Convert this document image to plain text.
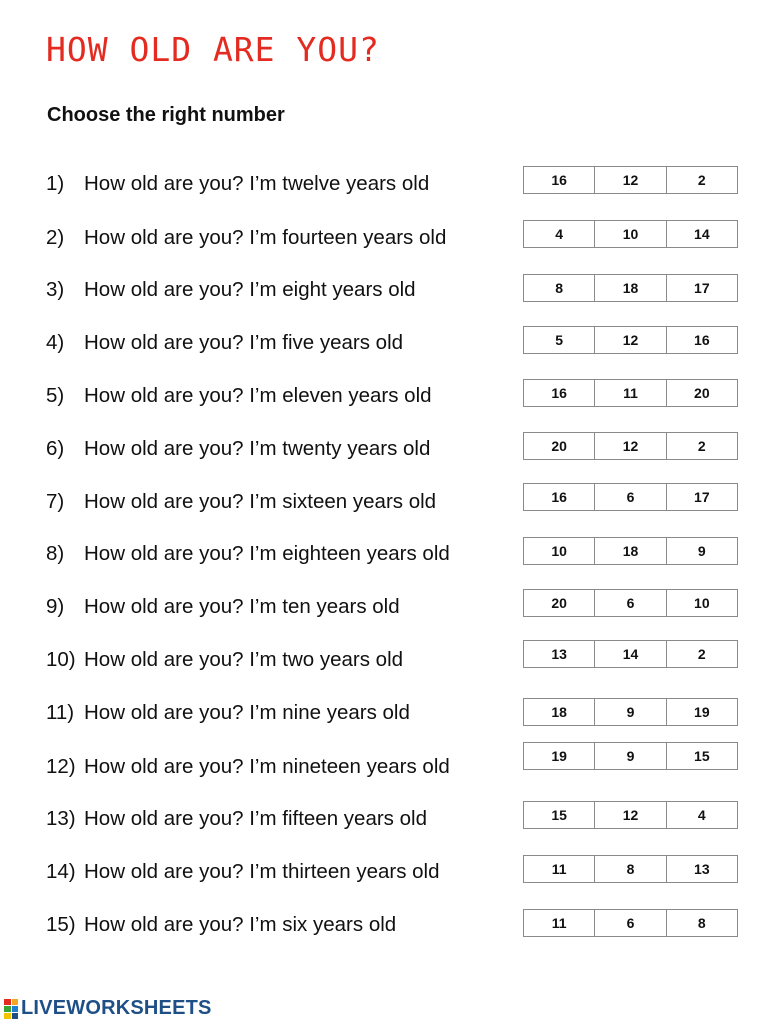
HOW OLD ARE YOU?
Choose the right number
1) How old are you? I’m twelve years old	16	12	2
2) How old are you? I’m fourteen years old	4	10	14
3) How old are you? I’m eight years old	8	18	17
4) How old are you? I’m five years old	5	12	16
5) How old are you? I’m eleven years old	16	11	20
6) How old are you? I’m twenty years old	20	12	2
7) How old are you? I’m sixteen years old	16	6	17
8) How old are you? I’m eighteen years old	10	18	9
9) How old are you? I’m ten years old	20	6	10
10) How old are you? I’m two years old	13	14	2
11) How old are you? I’m nine years old	18	9	19
12) How old are you? I’m nineteen years old	19	9	15
13) How old are you? I’m fifteen years old	15	12	4
14) How old are you? I’m thirteen years old	11	8	13
15) How old are you? I’m six years old	11	6	8
LIVEWORKSHEETS
